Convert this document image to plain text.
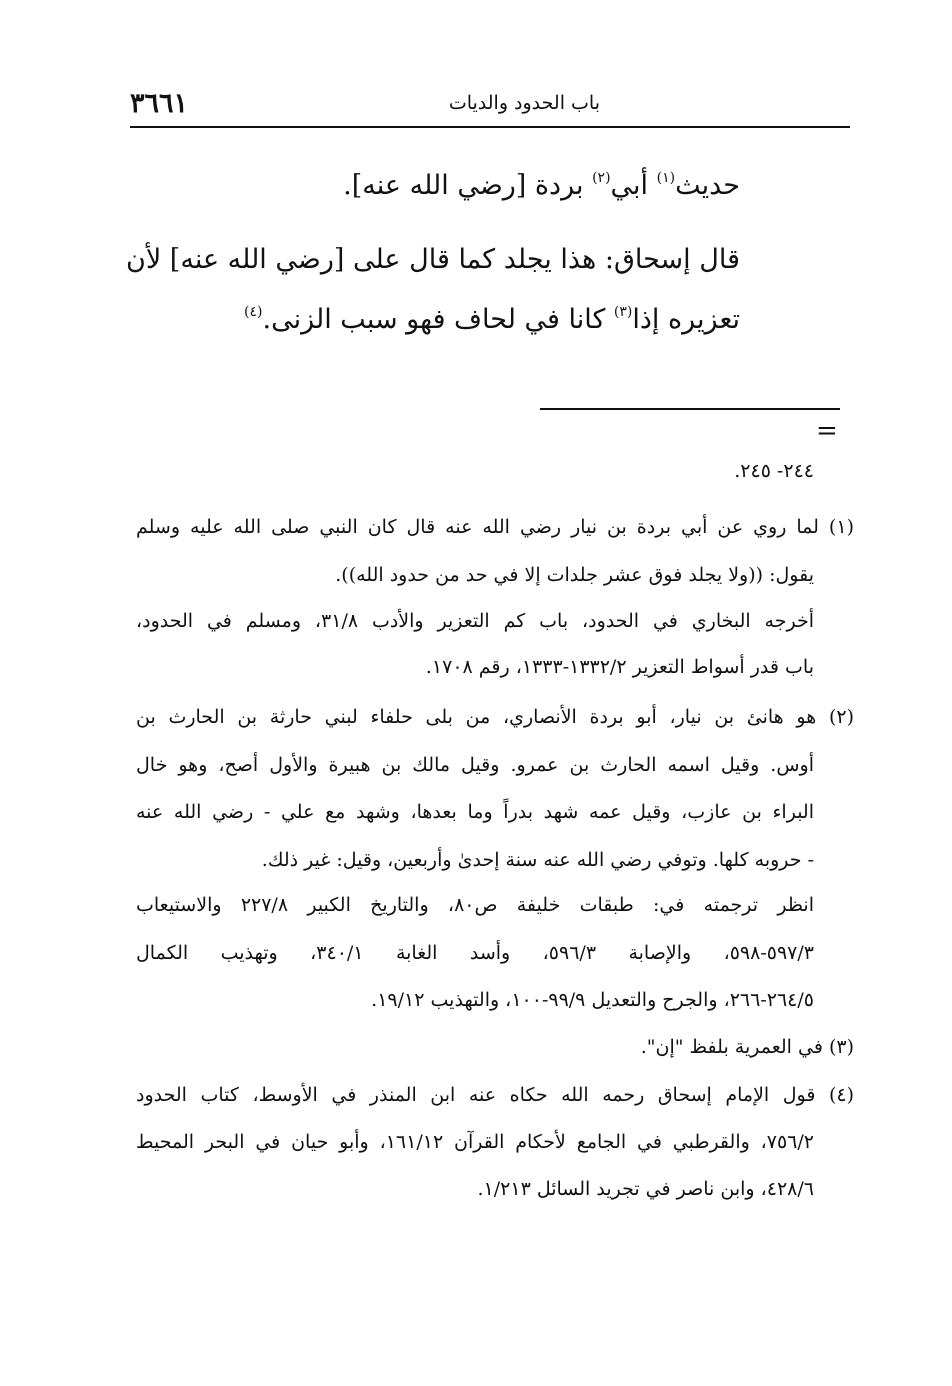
باب الحدود والديات
٣٦٦١
حديث$^{(١)}$ أبي$^{(٢)}$ بردة [رضي الله عنه].
قال إسحاق: هذا يجلد كما قال على [رضي الله عنه] لأن
تعزيره إذا$^{(٣)}$ كانا في لحاف فهو سبب الزنى.$^{(٤)}$
=
٢٤٤- ٢٤٥.
(١) لما روي عن أبي بردة بن نيار رضي الله عنه قال كان النبي صلى الله عليه وسلم
يقول: ((ولا يجلد فوق عشر جلدات إلا في حد من حدود الله)).
أخرجه البخاري في الحدود، باب كم التعزير والأدب ٣١/٨، ومسلم في الحدود،
باب قدر أسواط التعزير ١٣٣٢/٢-١٣٣٣، رقم ١٧٠٨.
(٢) هو هانئ بن نيار، أبو بردة الأنصاري، من بلى حلفاء لبني حارثة بن الحارث بن
أوس. وقيل اسمه الحارث بن عمرو. وقيل مالك بن هبيرة والأول أصح، وهو خال
البراء بن عازب، وقيل عمه شهد بدراً وما بعدها، وشهد مع علي - رضي الله عنه
- حروبه كلها. وتوفي رضي الله عنه سنة إحدىٰ وأربعين، وقيل: غير ذلك.
انظر ترجمته في: طبقات خليفة ص٨٠، والتاريخ الكبير ٢٢٧/٨ والاستيعاب
٥٩٧/٣-٥٩٨، والإصابة ٥٩٦/٣، وأسد الغابة ٣٤٠/١، وتهذيب الكمال
٢٦٤/٥-٢٦٦، والجرح والتعديل ٩٩/٩-١٠٠، والتهذيب ١٩/١٢.
(٣) في العمرية بلفظ "إن".
(٤) قول الإمام إسحاق رحمه الله حكاه عنه ابن المنذر في الأوسط، كتاب الحدود
٧٥٦/٢، والقرطبي في الجامع لأحكام القرآن ١٦١/١٢، وأبو حيان في البحر المحيط
٤٢٨/٦، وابن ناصر في تجريد السائل ١/٢١٣.
